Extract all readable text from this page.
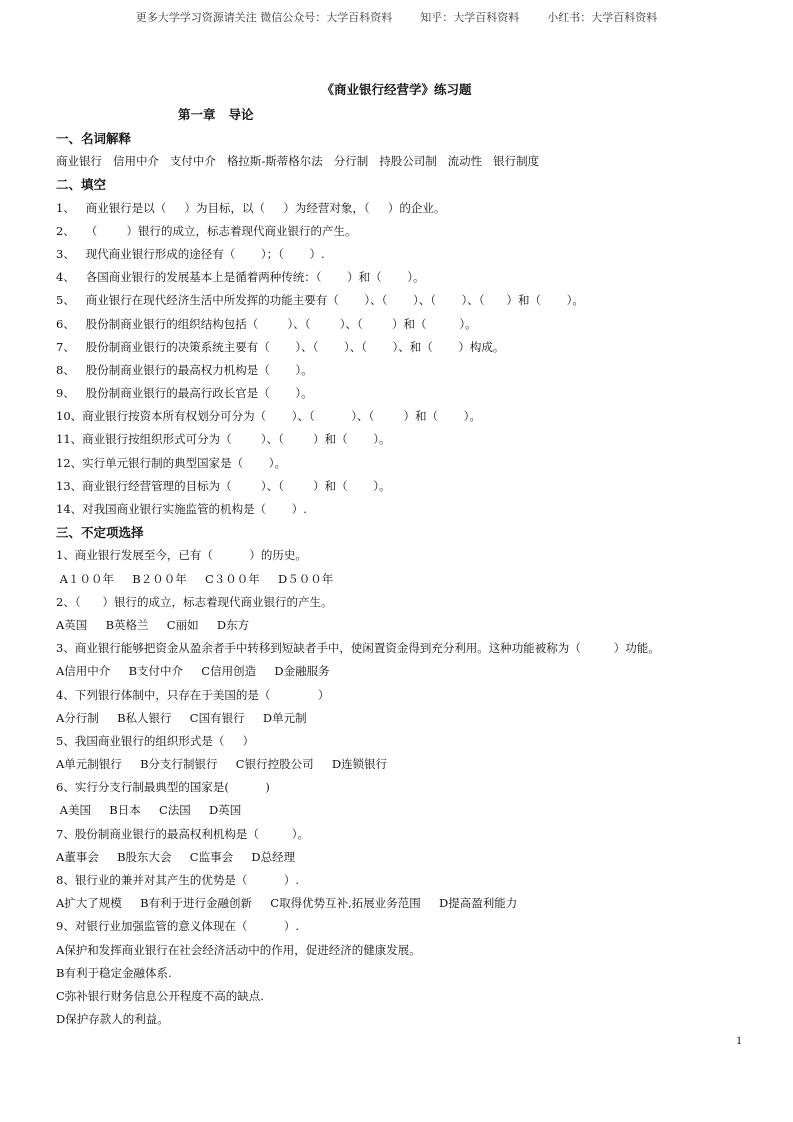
更多大学学习资源请关注 微信公众号：大学百科资料        知乎：大学百科资料        小红书：大学百科资料
《商业银行经营学》练习题
第一章   导论
一、名词解释
商业银行   信用中介   支付中介   格拉斯-斯蒂格尔法   分行制   持股公司制   流动性   银行制度
二、填空
1、   商业银行是以（     ）为目标，以（     ）为经营对象，（     ）的企业。
2、   （        ）银行的成立，标志着现代商业银行的产生。
3、   现代商业银行形成的途径有（       ）；（       ）.
4、   各国商业银行的发展基本上是循着两种传统：（       ）和（       ）。
5、   商业银行在现代经济生活中所发挥的功能主要有（       ）、（       ）、（       ）、（      ）和（       ）。
6、   股份制商业银行的组织结构包括（        ）、（        ）、（        ）和（         ）。
7、   股份制商业银行的决策系统主要有（       ）、（       ）、（       ）、和（       ）构成。
8、   股份制商业银行的最高权力机构是（       ）。
9、   股份制商业银行的最高行政长官是（       ）。
10、商业银行按资本所有权划分可分为（       ）、（          ）、（        ）和（       ）。
11、商业银行按组织形式可分为（        ）、（        ）和（       ）。
12、实行单元银行制的典型国家是（       ）。
13、商业银行经营管理的目标为（        ）、（        ）和（       ）。
14、对我国商业银行实施监管的机构是（       ）.
三、不定项选择
1、商业银行发展至今，已有（          ）的历史。
A１００年     B２００年     C３００年     D５００年
2、（      ）银行的成立，标志着现代商业银行的产生。
A英国     B英格兰     C丽如     D东方
3、商业银行能够把资金从盈余者手中转移到短缺者手中，使闲置资金得到充分利用。这种功能被称为（         ）功能。
A信用中介     B支付中介     C信用创造     D金融服务
4、下列银行体制中，只存在于美国的是（             ）
A分行制     B私人银行     C国有银行     D单元制
5、我国商业银行的组织形式是（     ）
A单元制银行     B分支行制银行     C银行控股公司     D连锁银行
6、实行分支行制最典型的国家是(          )
A美国     B日本     C法国     D英国
7、股份制商业银行的最高权利机构是（         ）。
A董事会     B股东大会     C监事会     D总经理
8、银行业的兼并对其产生的优势是（          ）.
A扩大了规模     B有利于进行金融创新     C取得优势互补,拓展业务范围     D提高盈利能力
9、对银行业加强监管的意义体现在（          ）.
A保护和发挥商业银行在社会经济活动中的作用，促进经济的健康发展。
B有利于稳定金融体系.
C弥补银行财务信息公开程度不高的缺点.
D保护存款人的利益。
1
